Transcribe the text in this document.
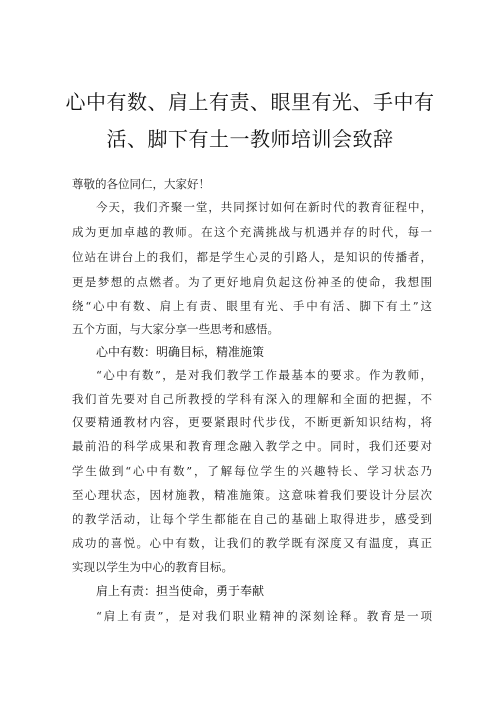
心中有数、肩上有责、眼里有光、手中有
活、脚下有土一教师培训会致辞
尊敬的各位同仁，大家好！
今天，我们齐聚一堂，共同探讨如何在新时代的教育征程中，
成为更加卓越的教师。在这个充满挑战与机遇并存的时代，每一
位站在讲台上的我们，都是学生心灵的引路人，是知识的传播者，
更是梦想的点燃者。为了更好地肩负起这份神圣的使命，我想围
绕“心中有数、肩上有责、眼里有光、手中有活、脚下有土”这
五个方面，与大家分享一些思考和感悟。
心中有数：明确目标，精准施策
“心中有数”，是对我们教学工作最基本的要求。作为教师，
我们首先要对自己所教授的学科有深入的理解和全面的把握，不
仅要精通教材内容，更要紧跟时代步伐，不断更新知识结构，将
最前沿的科学成果和教育理念融入教学之中。同时，我们还要对
学生做到“心中有数”，了解每位学生的兴趣特长、学习状态乃
至心理状态，因材施教，精准施策。这意味着我们要设计分层次
的教学活动，让每个学生都能在自己的基础上取得进步，感受到
成功的喜悦。心中有数，让我们的教学既有深度又有温度，真正
实现以学生为中心的教育目标。
肩上有责：担当使命，勇于奉献
“肩上有责”，是对我们职业精神的深刻诠释。教育是一项
